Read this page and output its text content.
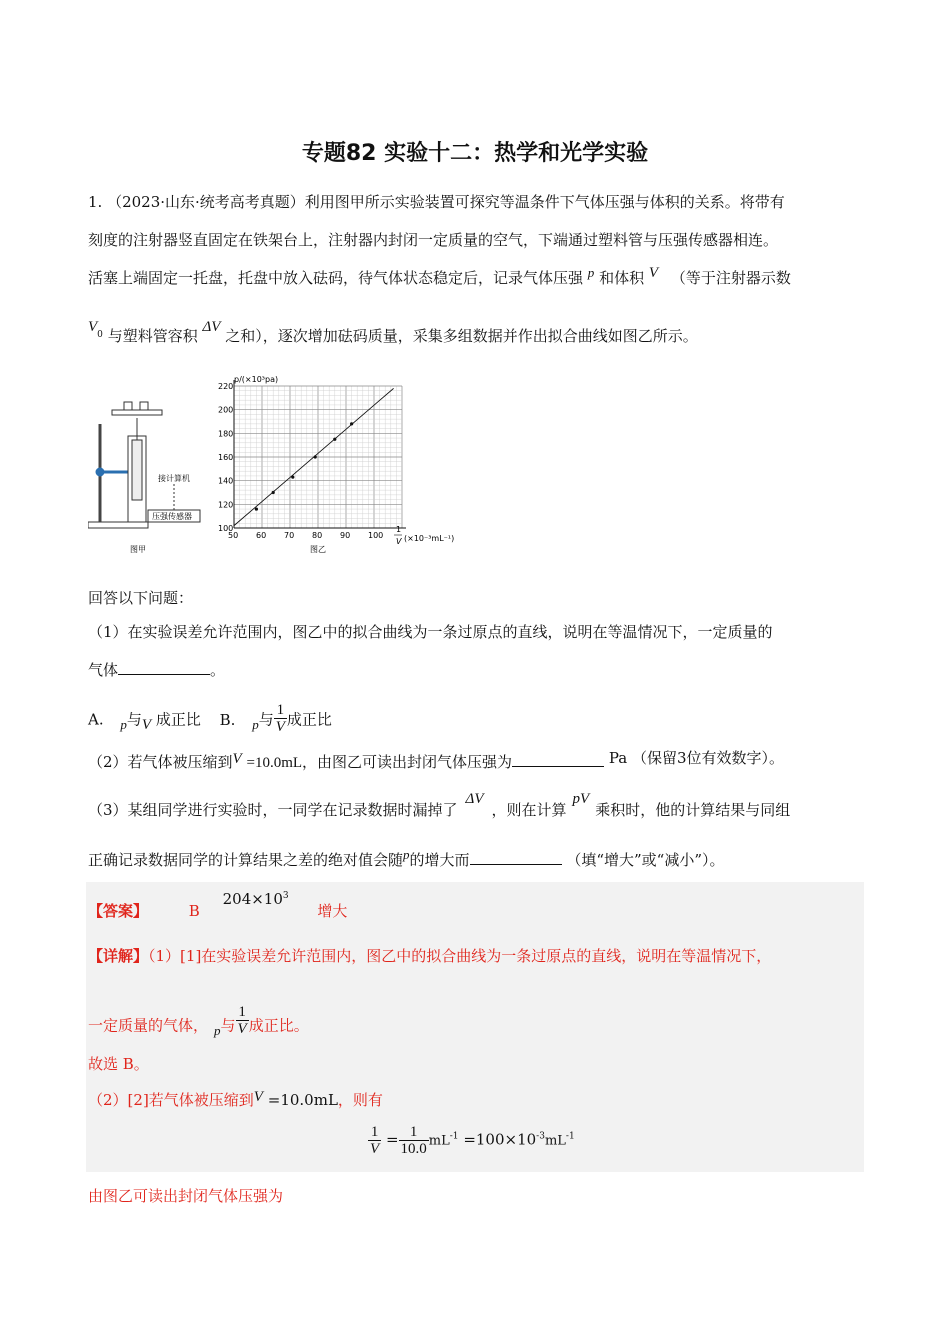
专题82 实验十二：热学和光学实验
1. （2023·山东·统考高考真题）利用图甲所示实验装置可探究等温条件下气体压强与体积的关系。将带有
刻度的注射器竖直固定在铁架台上，注射器内封闭一定质量的空气，下端通过塑料管与压强传感器相连。
活塞上端固定一托盘，托盘中放入砝码，待气体状态稳定后，记录气体压强 p 和体积 V （等于注射器示数
$V_0$ 与塑料管容积 ΔV 之和），逐次增加砝码质量，采集多组数据并作出拟合曲线如图乙所示。
接计算机
压强传感器
图甲
50 60 70 80 90 100
100
120
140
160
180
200
220
图乙
p/(×10³pa)
1
V (×10⁻³mL⁻¹)
回答以下问题：
（1）在实验误差允许范围内，图乙中的拟合曲线为一条过原点的直线，说明在等温情况下，一定质量的
气体	。
A. p与V 成正比 B. p与 $\frac{1}{V}$ 成正比
（2）若气体被压缩到V =10.0mL，由图乙可读出封闭气体压强为	Pa （保留3位有效数字）。
（3）某组同学进行实验时，一同学在记录数据时漏掉了ΔV，则在计算pV乘积时，他的计算结果与同组
正确记录数据同学的计算结果之差的绝对值会随p的增大而	（填“增大”或“减小”）。
【答案】	B $204\times 10^3$ 增大
【详解】（1）[1]在实验误差允许范围内，图乙中的拟合曲线为一条过原点的直线，说明在等温情况下，
一定质量的气体， p与 $\frac{1}{V}$ 成正比。
故选 B。
（2）[2]若气体被压缩到V =10.0mL，则有
$\frac{1}{V} = \frac{1}{10.0} mL^{-1} =100\times 10^{-3}mL^{-1}$
由图乙可读出封闭气体压强为
